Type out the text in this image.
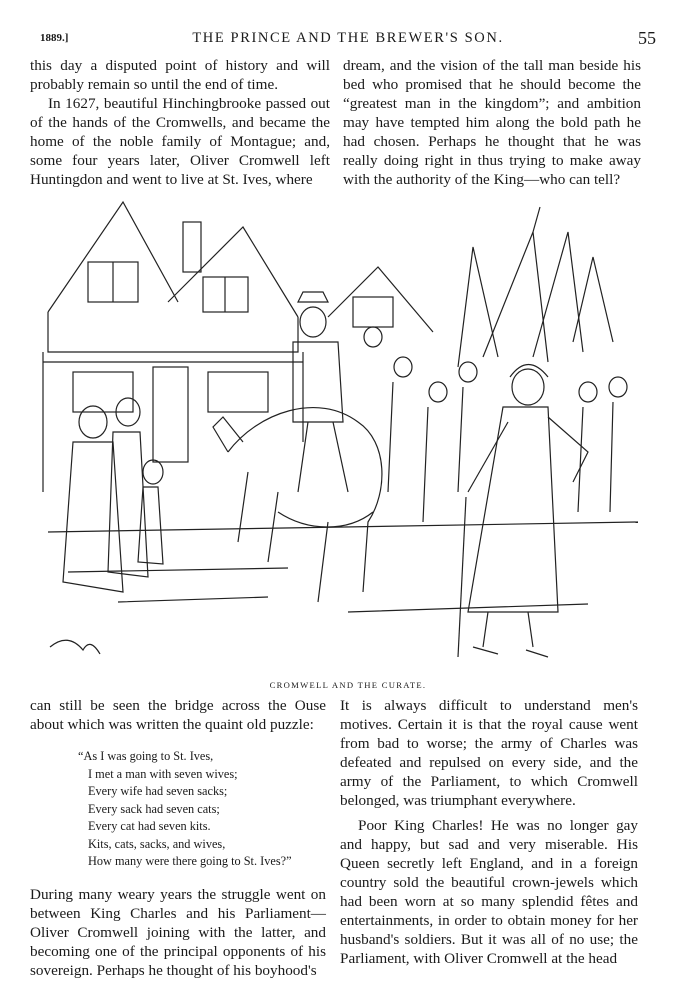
1889.]	THE PRINCE AND THE BREWER'S SON.	55

this day a disputed point of history and will probably remain so until the end of time.

In 1627, beautiful Hinchingbrooke passed out of the hands of the Cromwells, and became the home of the noble family of Montague; and, some four years later, Oliver Cromwell left Huntingdon and went to live at St. Ives, where

dream, and the vision of the tall man beside his bed who promised that he should become the “greatest man in the kingdom”; and ambition may have tempted him along the bold path he had chosen. Perhaps he thought that he was really doing right in thus trying to make away with the authority of the King—who can tell?

CROMWELL AND THE CURATE.

can still be seen the bridge across the Ouse about which was written the quaint old puzzle:

“As I was going to St. Ives,
I met a man with seven wives;
Every wife had seven sacks;
Every sack had seven cats;
Every cat had seven kits.
Kits, cats, sacks, and wives,
How many were there going to St. Ives?”

During many weary years the struggle went on between King Charles and his Parliament—Oliver Cromwell joining with the latter, and becoming one of the principal opponents of his sovereign. Perhaps he thought of his boyhood's

It is always difficult to understand men's motives. Certain it is that the royal cause went from bad to worse; the army of Charles was defeated and repulsed on every side, and the army of the Parliament, to which Cromwell belonged, was triumphant everywhere.

Poor King Charles! He was no longer gay and happy, but sad and very miserable. His Queen secretly left England, and in a foreign country sold the beautiful crown-jewels which had been worn at so many splendid fêtes and entertainments, in order to obtain money for her husband's soldiers. But it was all of no use; the Parliament, with Oliver Cromwell at the head
